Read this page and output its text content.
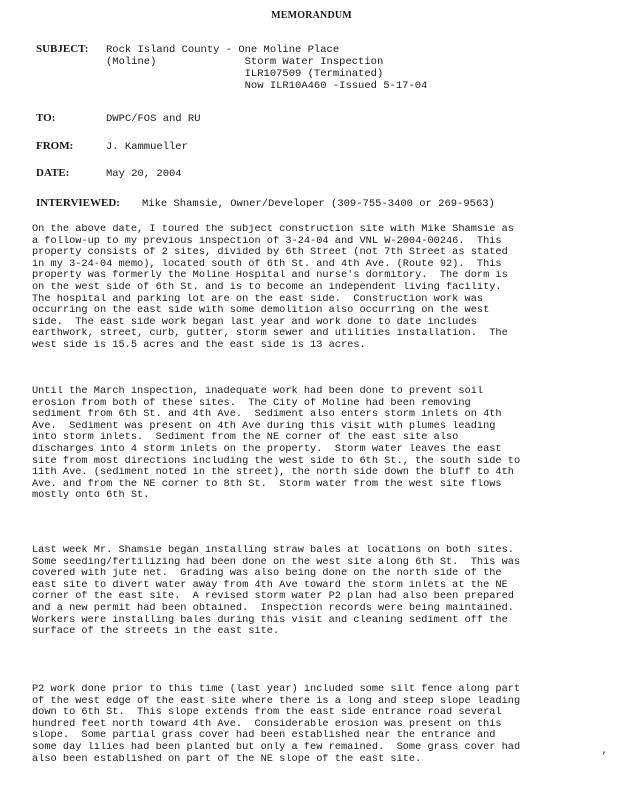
MEMORANDUM
SUBJECT: Rock Island County - One Moline Place
(Moline)              Storm Water Inspection
ILR107509 (Terminated)
Now ILR10A460 -Issued 5-17-04
TO:	DWPC/FOS and RU
FROM:	J. Kammueller
DATE:	May 20, 2004
INTERVIEWED: Mike Shamsie, Owner/Developer (309-755-3400 or 269-9563)
On the above date, I toured the subject construction site with Mike Shamsie as
a follow-up to my previous inspection of 3-24-04 and VNL W-2004-00246.  This
property consists of 2 sites, divided by 6th Street (not 7th Street as stated
in my 3-24-04 memo), located south of 6th St. and 4th Ave. (Route 92).  This
property was formerly the Moline Hospital and nurse's dormitory.  The dorm is
on the west side of 6th St. and is to become an independent living facility.
The hospital and parking lot are on the east side.  Construction work was
occurring on the east side with some demolition also occurring on the west
side.  The east side work began last year and work done to date includes
earthwork, street, curb, gutter, storm sewer and utilities installation.  The
west side is 15.5 acres and the east side is 13 acres.
Until the March inspection, inadequate work had been done to prevent soil
erosion from both of these sites.  The City of Moline had been removing
sediment from 6th St. and 4th Ave.  Sediment also enters storm inlets on 4th
Ave.  Sediment was present on 4th Ave during this visit with plumes leading
into storm inlets.  Sediment from the NE corner of the east site also
discharges into 4 storm inlets on the property.  Storm water leaves the east
site from most directions including the west side to 6th St., the south side to
11th Ave. (sediment noted in the street), the north side down the bluff to 4th
Ave. and from the NE corner to 8th St.  Storm water from the west site flows
mostly onto 6th St.
Last week Mr. Shamsie began installing straw bales at locations on both sites.
Some seeding/fertilizing had been done on the west site along 6th St.  This was
covered with jute net.  Grading was also being done on the north side of the
east site to divert water away from 4th Ave toward the storm inlets at the NE
corner of the east site.  A revised storm water P2 plan had also been prepared
and a new permit had been obtained.  Inspection records were being maintained.
Workers were installing bales during this visit and cleaning sediment off the
surface of the streets in the east site.
P2 work done prior to this time (last year) included some silt fence along part
of the west edge of the east site where there is a long and steep slope leading
down to 6th St.  This slope extends from the east side entrance road several
hundred feet north toward 4th Ave.  Considerable erosion was present on this
slope.  Some partial grass cover had been established near the entrance and
some day lilies had been planted but only a few remained.  Some grass cover had
also been established on part of the NE slope of the east site.	’
